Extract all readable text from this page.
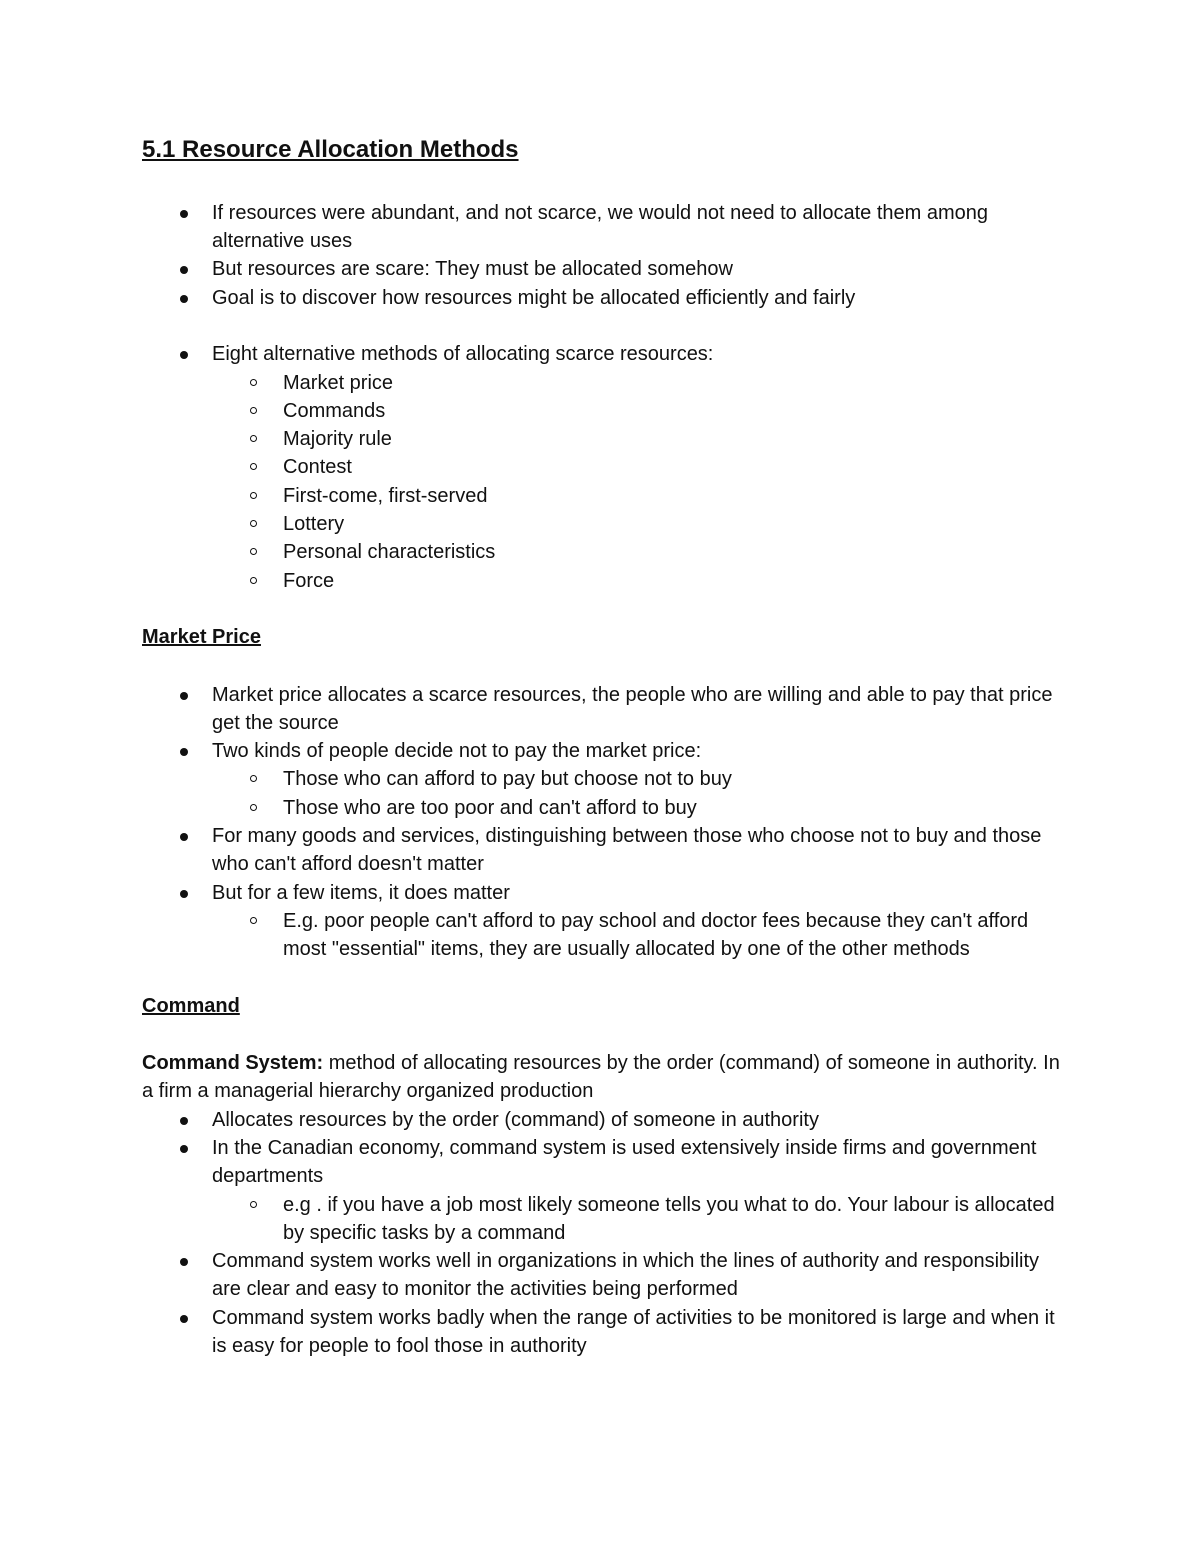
5.1 Resource Allocation Methods
If resources were abundant, and not scarce, we would not need to allocate them among alternative uses
But resources are scare: They must be allocated somehow
Goal is to discover how resources might be allocated efficiently and fairly
Eight alternative methods of allocating scarce resources:
Market price
Commands
Majority rule
Contest
First-come, first-served
Lottery
Personal characteristics
Force
Market Price
Market price allocates a scarce resources, the people who are willing and able to pay that price get the source
Two kinds of people decide not to pay the market price:
Those who can afford to pay but choose not to buy
Those who are too poor and can't afford to buy
For many goods and services, distinguishing between those who choose not to buy and those who can't afford doesn't matter
But for a few items, it does matter
E.g. poor people can't afford to pay school and doctor fees because they can't afford most "essential" items, they are usually allocated by one of the other methods
Command
Command System: method of allocating resources by the order (command) of someone in authority. In a firm a managerial hierarchy organized production
Allocates resources by the order (command) of someone in authority
In the Canadian economy, command system is used extensively inside firms and government departments
e.g . if you have a job most likely someone tells you what to do. Your labour is allocated by specific tasks by a command
Command system works well in organizations in which the lines of authority and responsibility are clear and easy to monitor the activities being performed
Command system works badly when the range of activities to be monitored is large and when it is easy for people to fool those in authority
